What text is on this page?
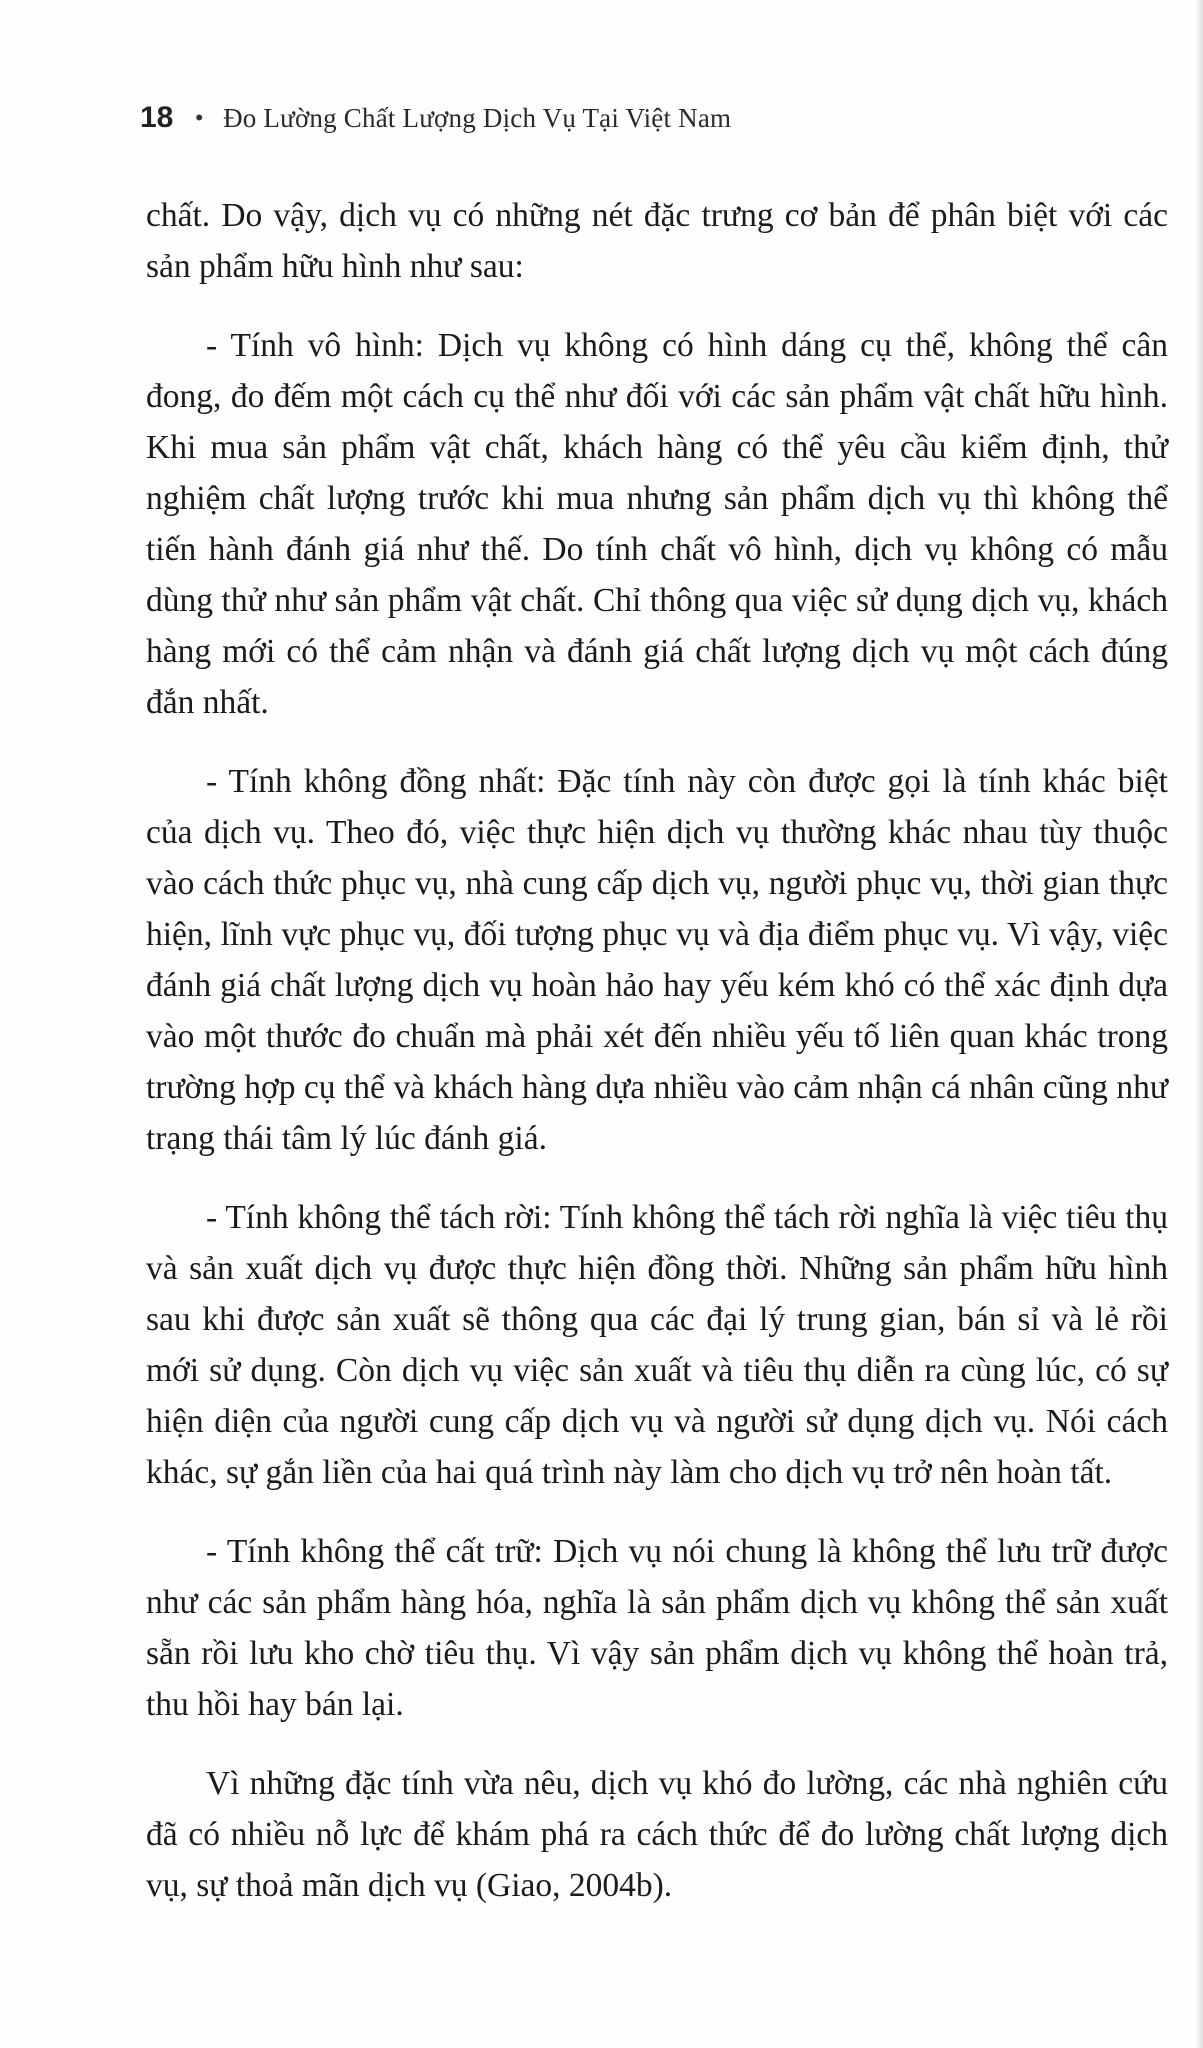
18 • Đo Lường Chất Lượng Dịch Vụ Tại Việt Nam

chất. Do vậy, dịch vụ có những nét đặc trưng cơ bản để phân biệt với các sản phẩm hữu hình như sau:

- Tính vô hình: Dịch vụ không có hình dáng cụ thể, không thể cân đong, đo đếm một cách cụ thể như đối với các sản phẩm vật chất hữu hình. Khi mua sản phẩm vật chất, khách hàng có thể yêu cầu kiểm định, thử nghiệm chất lượng trước khi mua nhưng sản phẩm dịch vụ thì không thể tiến hành đánh giá như thế. Do tính chất vô hình, dịch vụ không có mẫu dùng thử như sản phẩm vật chất. Chỉ thông qua việc sử dụng dịch vụ, khách hàng mới có thể cảm nhận và đánh giá chất lượng dịch vụ một cách đúng đắn nhất.

- Tính không đồng nhất: Đặc tính này còn được gọi là tính khác biệt của dịch vụ. Theo đó, việc thực hiện dịch vụ thường khác nhau tùy thuộc vào cách thức phục vụ, nhà cung cấp dịch vụ, người phục vụ, thời gian thực hiện, lĩnh vực phục vụ, đối tượng phục vụ và địa điểm phục vụ. Vì vậy, việc đánh giá chất lượng dịch vụ hoàn hảo hay yếu kém khó có thể xác định dựa vào một thước đo chuẩn mà phải xét đến nhiều yếu tố liên quan khác trong trường hợp cụ thể và khách hàng dựa nhiều vào cảm nhận cá nhân cũng như trạng thái tâm lý lúc đánh giá.

- Tính không thể tách rời: Tính không thể tách rời nghĩa là việc tiêu thụ và sản xuất dịch vụ được thực hiện đồng thời. Những sản phẩm hữu hình sau khi được sản xuất sẽ thông qua các đại lý trung gian, bán sỉ và lẻ rồi mới sử dụng. Còn dịch vụ việc sản xuất và tiêu thụ diễn ra cùng lúc, có sự hiện diện của người cung cấp dịch vụ và người sử dụng dịch vụ. Nói cách khác, sự gắn liền của hai quá trình này làm cho dịch vụ trở nên hoàn tất.

- Tính không thể cất trữ: Dịch vụ nói chung là không thể lưu trữ được như các sản phẩm hàng hóa, nghĩa là sản phẩm dịch vụ không thể sản xuất sẵn rồi lưu kho chờ tiêu thụ. Vì vậy sản phẩm dịch vụ không thể hoàn trả, thu hồi hay bán lại.

Vì những đặc tính vừa nêu, dịch vụ khó đo lường, các nhà nghiên cứu đã có nhiều nỗ lực để khám phá ra cách thức để đo lường chất lượng dịch vụ, sự thoả mãn dịch vụ (Giao, 2004b).
